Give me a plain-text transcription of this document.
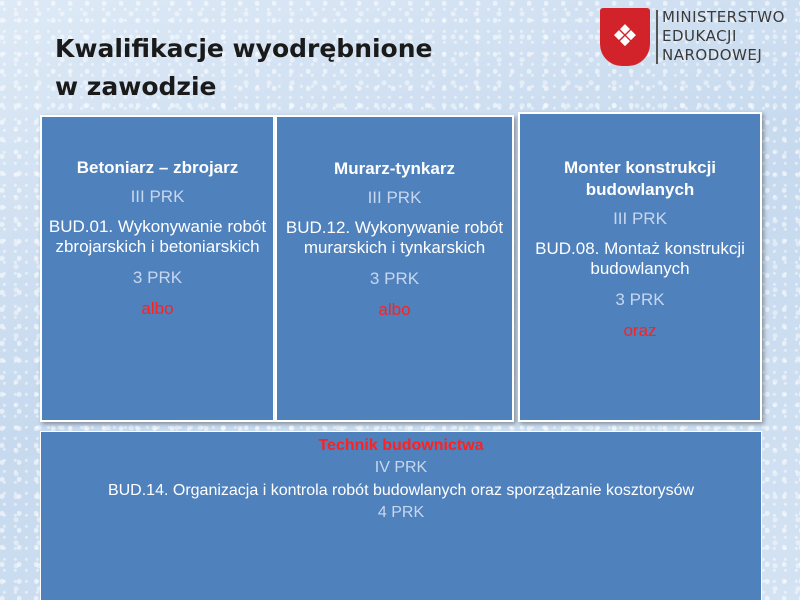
Kwalifikacje wyodrębnione
w zawodzie
❖
MINISTERSTWO
EDUKACJI
NARODOWEJ
Betoniarz – zbrojarz
III PRK
BUD.01. Wykonywanie robót zbrojarskich i betoniarskich
3 PRK
albo
Murarz-tynkarz
III PRK
BUD.12. Wykonywanie robót murarskich i tynkarskich
3 PRK
albo
Monter konstrukcji budowlanych
III PRK
BUD.08. Montaż konstrukcji budowlanych
3 PRK
oraz
Technik budownictwa
IV PRK
BUD.14. Organizacja i kontrola robót budowlanych oraz sporządzanie kosztorysów
4 PRK
